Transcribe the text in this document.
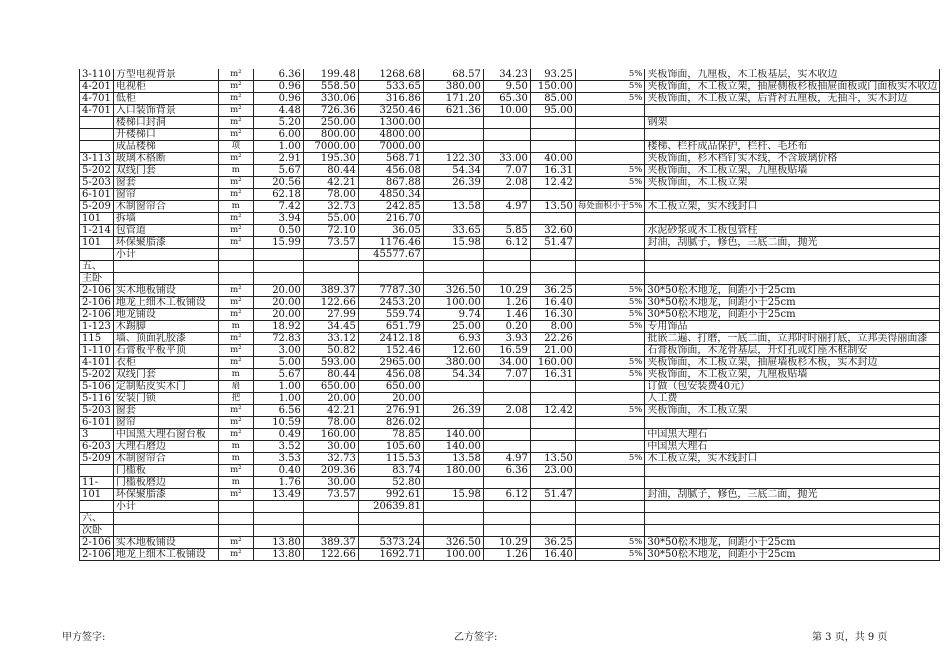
3-110	方型电视背景	m²	6.36	199.48	1268.68	68.57	34.23	93.25	5%	夹板饰面，九厘板，木工板基层，实木收边
4-201	电视柜	m²	0.96	558.50	533.65	380.00	9.50	150.00	5%	夹板饰面，木工板立架，抽屉侧板杉板抽屉面板或门面板实木收边
4-701	低柜	m²	0.96	330.06	316.86	171.20	65.30	85.00	5%	夹板饰面，木工板立架，后背衬五厘板，无抽斗，实木封边
4-701	入口装饰背景	m²	4.48	726.36	3250.46	621.36	10.00	95.00		
	楼梯口封洞	m²	5.20	250.00	1300.00					钢架
	开楼梯口	m²	6.00	800.00	4800.00					
	成品楼梯	项	1.00	7000.00	7000.00					楼梯、栏杆成品保护，栏杆、毛坯布
3-113	玻璃木格断	m²	2.91	195.30	568.71	122.30	33.00	40.00		夹板饰面，杉木档钉实木线，不含玻璃价格
5-202	双线门套	m	5.67	80.44	456.08	54.34	7.07	16.31	5%	夹板饰面，木工板立架，九厘板贴墙
5-203	窗套	m²	20.56	42.21	867.88	26.39	2.08	12.42	5%	夹板饰面，木工板立架
6-101	窗帘	m²	62.18	78.00	4850.34					
5-209	木制窗帘合	m	7.42	32.73	242.85	13.58	4.97	13.50	每处面积小于5%	木工板立架，实木线封口
101	拆墙	m²	3.94	55.00	216.70					
1-214	包管道	m²	0.50	72.10	36.05	33.65	5.85	32.60		水泥砂浆或木工板包管柱
101	环保聚脂漆	m²	15.99	73.57	1176.46	15.98	6.12	51.47		封油，刮腻子，修色，三底二面，抛光
	小计				45577.67					
五、										
主卧										
2-106	实木地板铺设	m²	20.00	389.37	7787.30	326.50	10.29	36.25	5%	30*50松木地龙，间距小于25cm
2-106	地龙上细木工板铺设	m²	20.00	122.66	2453.20	100.00	1.26	16.40	5%	30*50松木地龙，间距小于25cm
2-106	地龙铺设	m²	20.00	27.99	559.74	9.74	1.46	16.30	5%	30*50松木地龙，间距小于25cm
1-123	木踢脚	m	18.92	34.45	651.79	25.00	0.20	8.00	5%	专用饰品
115	墙、顶面乳胶漆	m²	72.83	33.12	2412.18	6.93	3.93	22.26		批嵌二遍、打磨，一底二面，立邦时时丽打底，立邦美得丽面漆
1-110	石膏板平板平顶	m²	3.00	50.82	152.46	12.60	16.59	21.00		石膏板饰面，木龙骨基层，开灯孔或灯座木框制安
4-101	衣柜	m²	5.00	593.00	2965.00	380.00	34.00	160.00	5%	夹板饰面，木工板立架，抽屉墙板杉木板，实木封边
5-202	双线门套	m	5.67	80.44	456.08	54.34	7.07	16.31	5%	夹板饰面，木工板立架，九厘板贴墙
5-106	定制贴皮实木门	扇	1.00	650.00	650.00					订做（包安装费40元）
5-116	安装门锁	把	1.00	20.00	20.00					人工费
5-203	窗套	m²	6.56	42.21	276.91	26.39	2.08	12.42	5%	夹板饰面，木工板立架
6-101	窗帘	m²	10.59	78.00	826.02					
3	中国黑大理石窗台板	m²	0.49	160.00	78.85	140.00				中国黑大理石
6-203	大理石磨边	m	3.52	30.00	105.60	140.00				中国黑大理石
5-209	木制窗帘合	m	3.53	32.73	115.53	13.58	4.97	13.50	5%	木工板立架，实木线封口
	门槛板	m²	0.40	209.36	83.74	180.00	6.36	23.00		
11-	门槛板磨边	m	1.76	30.00	52.80					
101	环保聚脂漆	m²	13.49	73.57	992.61	15.98	6.12	51.47		封油，刮腻子，修色，三底二面，抛光
	小计				20639.81					
六、										
次卧										
2-106	实木地板铺设	m²	13.80	389.37	5373.24	326.50	10.29	36.25	5%	30*50松木地龙，间距小于25cm
2-106	地龙上细木工板铺设	m²	13.80	122.66	1692.71	100.00	1.26	16.40	5%	30*50松木地龙，间距小于25cm
甲方签字:	乙方签字:	第 3 页，共 9 页
